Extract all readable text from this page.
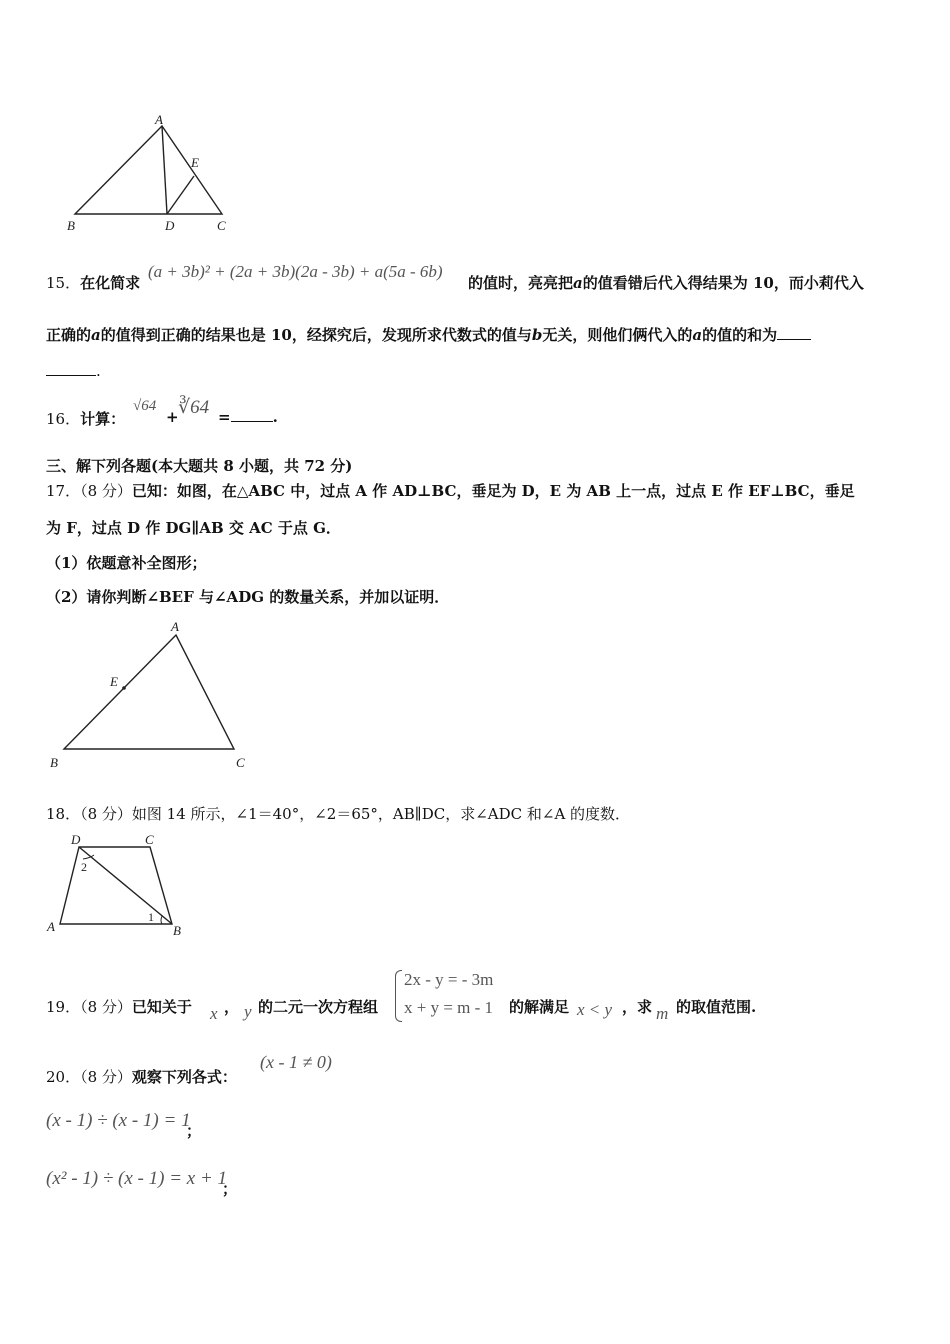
A
E
B	D	C
15．在化简求
(a + 3b)² + (2a + 3b)(2a - 3b) + a(5a - 6b)
的值时，亮亮把a的值看错后代入得结果为 10，而小莉代入
正确的a的值得到正确的结果也是 10，经探究后，发现所求代数式的值与b无关，则他们俩代入的a的值的和为
.
16．计算：
√64
+ ∛64 =	.
三、解下列各题(本大题共 8 小题，共 72 分)
17．（8 分）已知：如图，在△ABC 中，过点 A 作 AD⊥BC，垂足为 D，E 为 AB 上一点，过点 E 作 EF⊥BC，垂足
为 F，过点 D 作 DG∥AB 交 AC 于点 G．
（1）依题意补全图形；
（2）请你判断∠BEF 与∠ADG 的数量关系，并加以证明．
A
E
B	C
18．（8 分）如图 14 所示，∠1＝40°，∠2＝65°，AB∥DC，求∠ADC 和∠A 的度数．
D	C
A	B
2
1
19．（8 分）已知关于 x ， y 的二元一次方程组
2x - y = - 3m
x + y = m - 1 的解满足 x < y ，求 m 的取值范围.
20．（8 分）观察下列各式：
(x - 1 ≠ 0)
(x - 1) ÷ (x - 1) = 1
；
(x² - 1) ÷ (x - 1) = x + 1
；
